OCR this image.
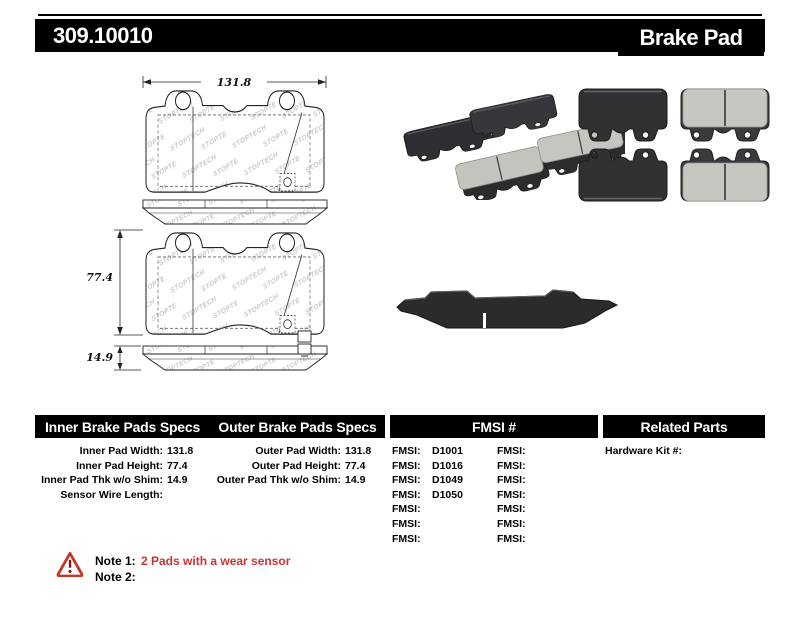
309.10010	Brake Pad
131.8
77.4
14.9
Inner Brake Pads Specs	Outer Brake Pads Specs	FMSI #	Related Parts
Inner Pad Width: 131.8
Inner Pad Height: 77.4
Inner Pad Thk w/o Shim: 14.9
Sensor Wire Length:
Outer Pad Width: 131.8
Outer Pad Height: 77.4
Outer Pad Thk w/o Shim: 14.9
FMSI:	D1001
FMSI:	D1016
FMSI:	D1049
FMSI:	D1050
FMSI:
FMSI:
FMSI:
FMSI:
FMSI:
FMSI:
FMSI:
FMSI:
FMSI:
FMSI:
Hardware Kit #:
Note 1: 2 Pads with a wear sensor
Note 2:
